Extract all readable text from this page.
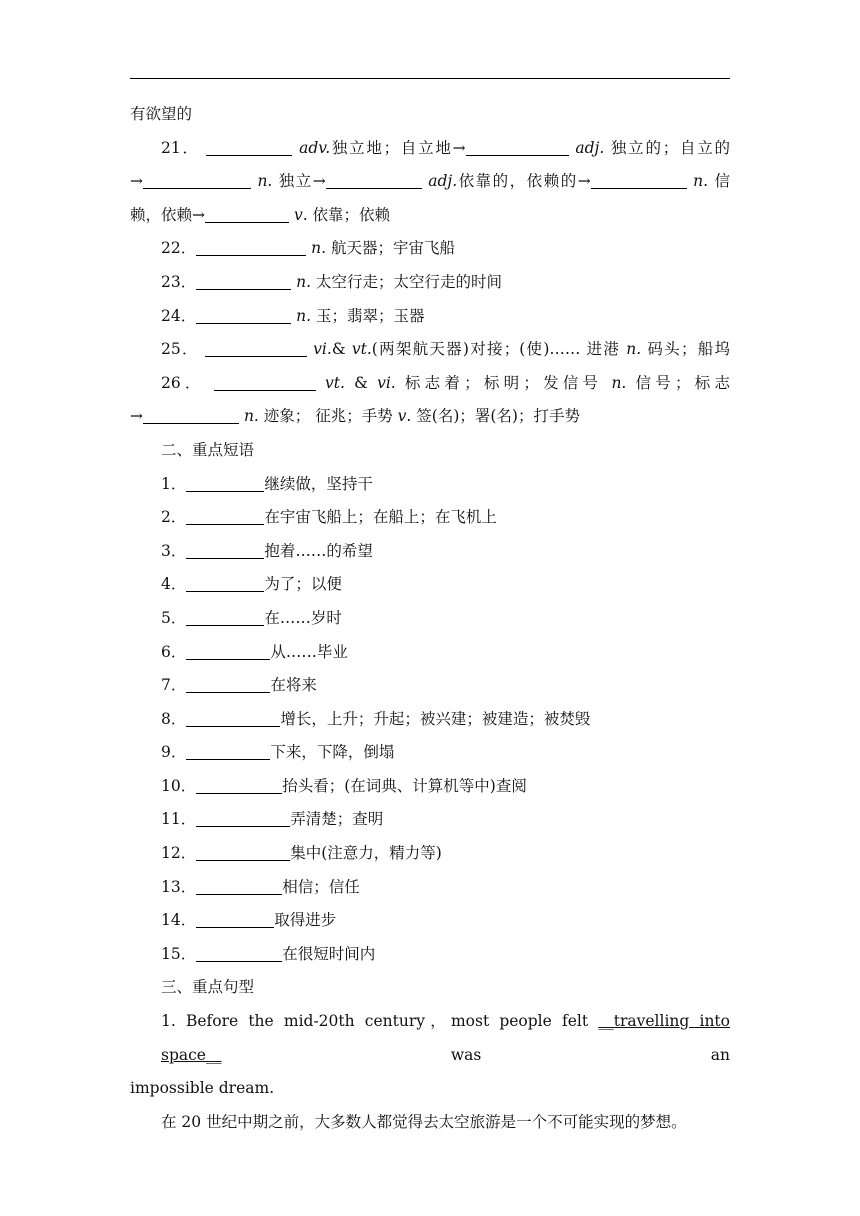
有欲望的
21．	adv.独立地；自立地→	adj. 独立的；自立的
→	n. 独立→	adj.依靠的，依赖的→	n. 信
赖，依赖→	v. 依靠；依赖
22．	n. 航天器；宇宙飞船
23．	n. 太空行走；太空行走的时间
24．	n. 玉；翡翠；玉器
25．	vi.& vt.(两架航天器)对接；(使)…… 进港 n. 码头；船坞
26．	vt. & vi. 标志着；标明；发信号 n. 信号；标志
→	n. 迹象； 征兆；手势 v. 签(名)；署(名)；打手势
二、重点短语
1．	继续做，坚持干
2．	在宇宙飞船上；在船上；在飞机上
3．	抱着……的希望
4．	为了；以便
5．	在……岁时
6．	从……毕业
7．	在将来
8．	增长，上升；升起；被兴建；被建造；被焚毁
9．	下来，下降，倒塌
10．	抬头看；(在词典、计算机等中)查阅
11．	弄清楚；查明
12．	集中(注意力，精力等)
13．	相信；信任
14．	取得进步
15．	在很短时间内
三、重点句型
1. Before the mid-20th century，most people felt __travelling into space__ was an
impossible dream.
在 20 世纪中期之前，大多数人都觉得去太空旅游是一个不可能实现的梦想。
